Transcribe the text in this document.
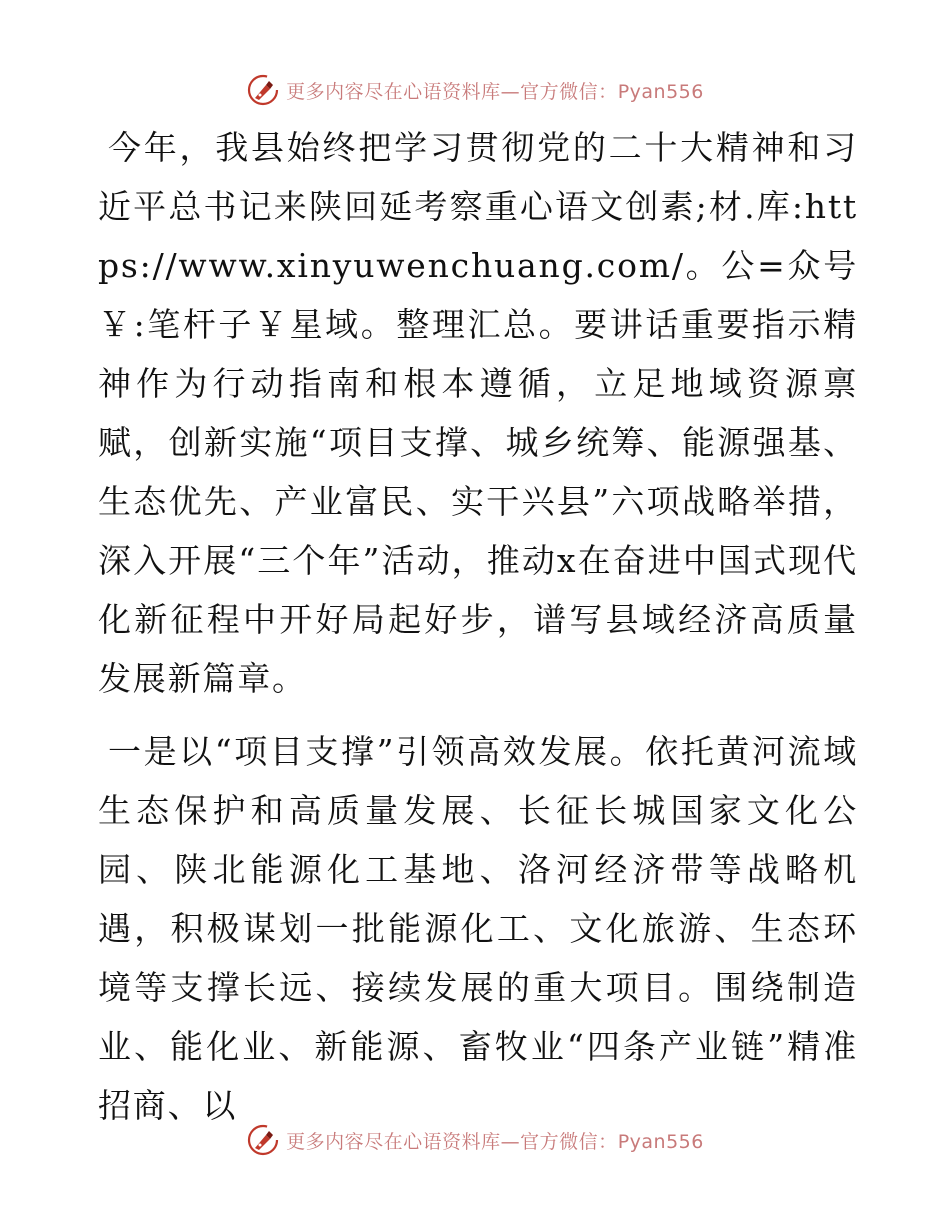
更多内容尽在心语资料库—官方微信：Pyan556

今年，我县始终把学习贯彻党的二十大精神和习近平总书记来陕回延考察重心语文创素;材.库:https://www.xinyuwenchuang.com/。公=众号￥:笔杆子￥星域。整理汇总。要讲话重要指示精神作为行动指南和根本遵循，立足地域资源禀赋，创新实施“项目支撑、城乡统筹、能源强基、生态优先、产业富民、实干兴县”六项战略举措，深入开展“三个年”活动，推动x在奋进中国式现代化新征程中开好局起好步，谱写县域经济高质量发展新篇章。

一是以“项目支撑”引领高效发展。依托黄河流域生态保护和高质量发展、长征长城国家文化公园、陕北能源化工基地、洛河经济带等战略机遇，积极谋划一批能源化工、文化旅游、生态环境等支撑长远、接续发展的重大项目。围绕制造业、能化业、新能源、畜牧业“四条产业链”精准招商、以

更多内容尽在心语资料库—官方微信：Pyan556
